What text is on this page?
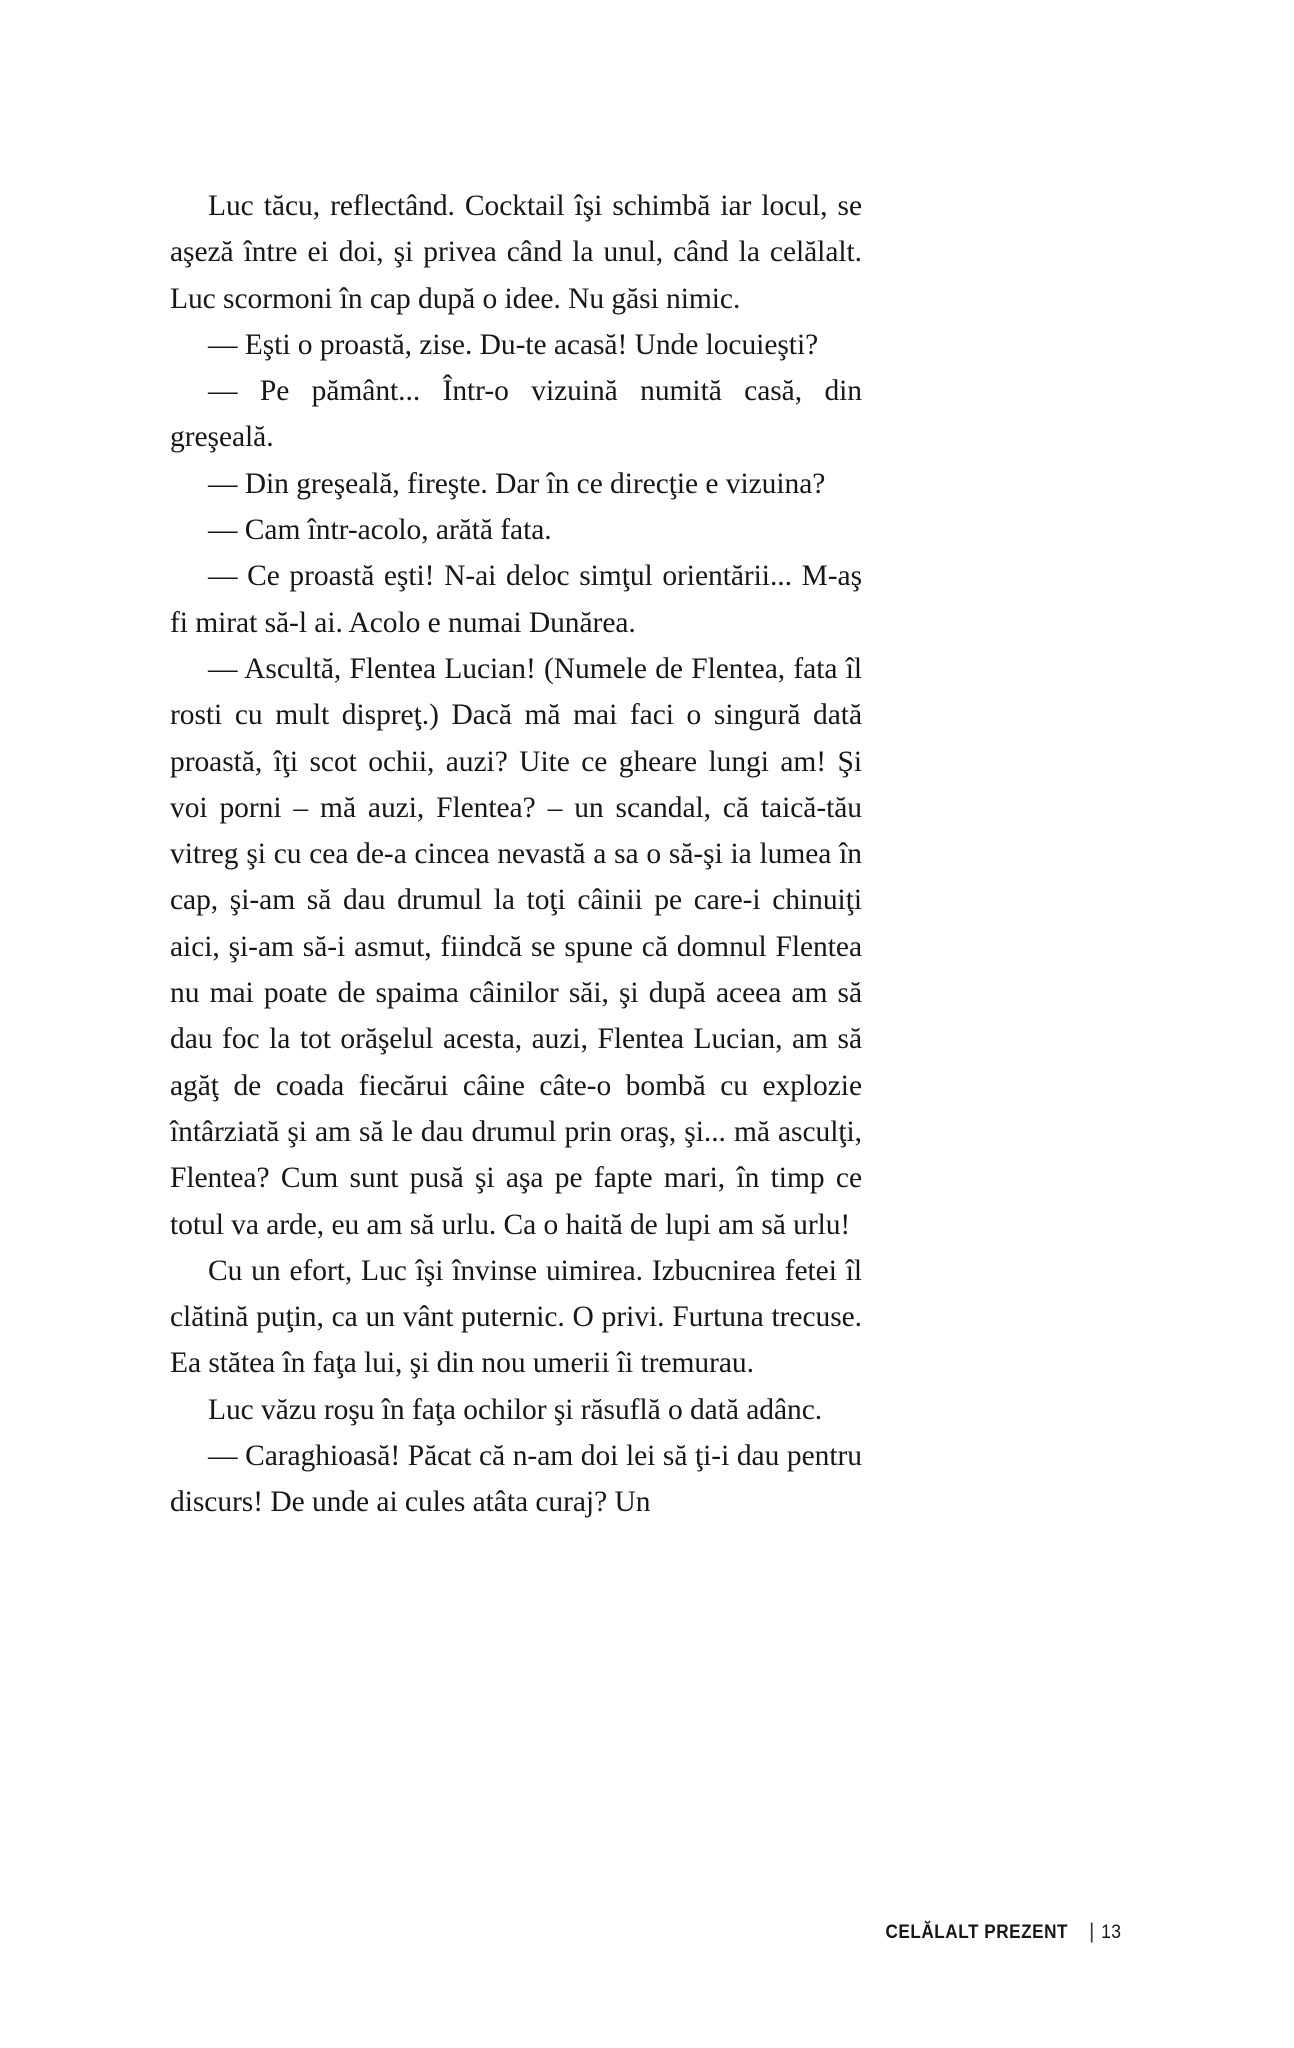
Luc tăcu, reflectând. Cocktail îşi schimbă iar locul, se aşeză între ei doi, şi privea când la unul, când la celălalt. Luc scormoni în cap după o idee. Nu găsi nimic.

— Eşti o proastă, zise. Du-te acasă! Unde locuieşti?

— Pe pământ... Într-o vizuină numită casă, din greşeală.

— Din greşeală, fireşte. Dar în ce direcţie e vizuina?

— Cam într-acolo, arătă fata.

— Ce proastă eşti! N-ai deloc simţul orientării... M-aş fi mirat să-l ai. Acolo e numai Dunărea.

— Ascultă, Flentea Lucian! (Numele de Flentea, fata îl rosti cu mult dispreţ.) Dacă mă mai faci o singură dată proastă, îţi scot ochii, auzi? Uite ce gheare lungi am! Şi voi porni – mă auzi, Flentea? – un scandal, că taică-tău vitreg şi cu cea de-a cincea nevastă a sa o să-şi ia lumea în cap, şi-am să dau drumul la toţi câinii pe care-i chinuiţi aici, şi-am să-i asmut, fiindcă se spune că domnul Flentea nu mai poate de spaima câinilor săi, şi după aceea am să dau foc la tot orăşelul acesta, auzi, Flentea Lucian, am să agăţ de coada fiecărui câine câte-o bombă cu explozie întârziată şi am să le dau drumul prin oraş, şi... mă asculţi, Flentea? Cum sunt pusă şi aşa pe fapte mari, în timp ce totul va arde, eu am să urlu. Ca o haită de lupi am să urlu!

Cu un efort, Luc îşi învinse uimirea. Izbucnirea fetei îl clătină puţin, ca un vânt puternic. O privi. Furtuna trecuse. Ea stătea în faţa lui, şi din nou umerii îi tremurau.

Luc văzu roşu în faţa ochilor şi răsuflă o dată adânc.

— Caraghioasă! Păcat că n-am doi lei să ţi-i dau pentru discurs! De unde ai cules atâta curaj? Un

CELĂLALT PREZENT | 13
